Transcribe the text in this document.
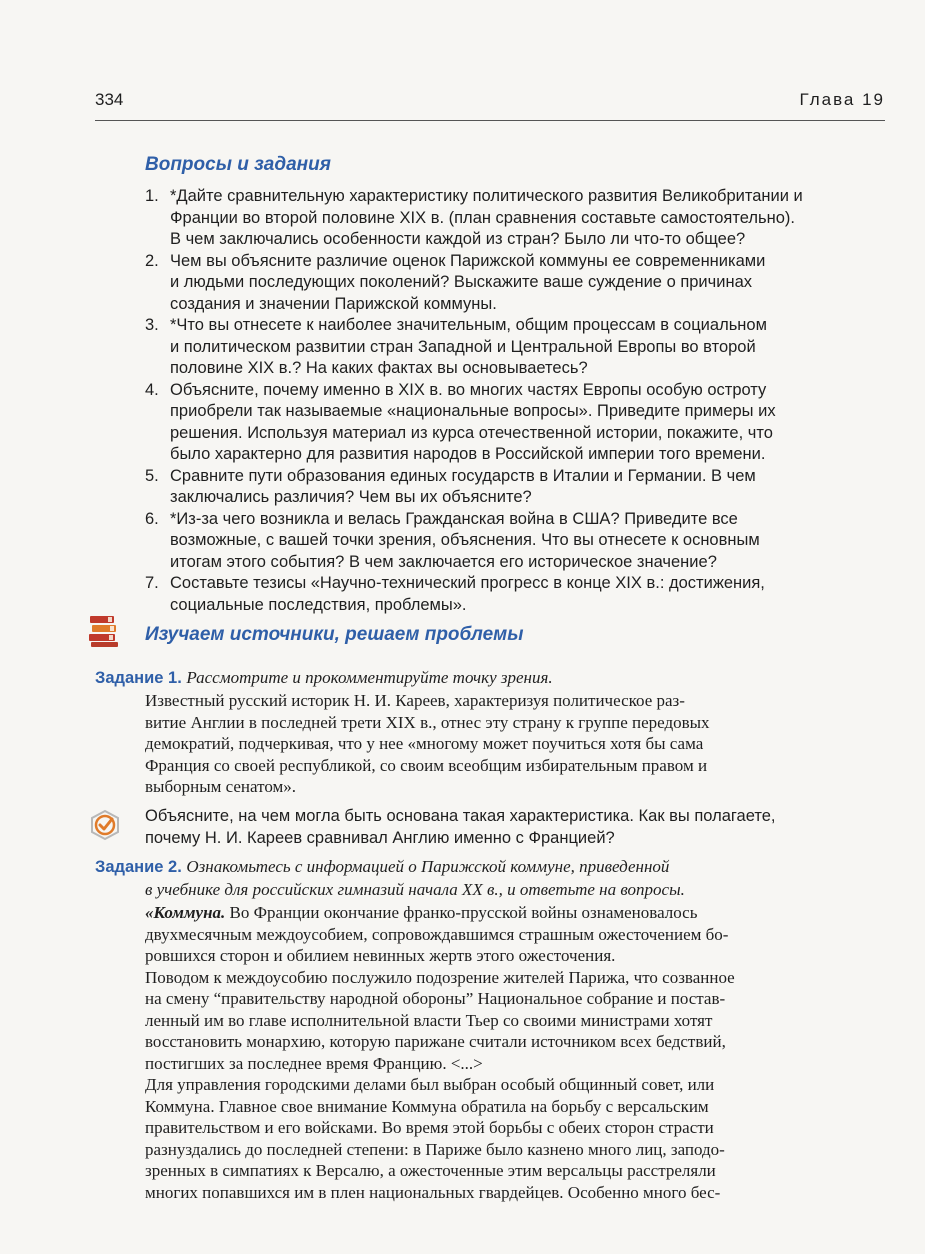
334	Глава 19
Вопросы и задания
1. *Дайте сравнительную характеристику политического развития Великобритании и
Франции во второй половине XIX в. (план сравнения составьте самостоятельно).
В чем заключались особенности каждой из стран? Было ли что-то общее?
2. Чем вы объясните различие оценок Парижской коммуны ее современниками
и людьми последующих поколений? Выскажите ваше суждение о причинах
создания и значении Парижской коммуны.
3. *Что вы отнесете к наиболее значительным, общим процессам в социальном
и политическом развитии стран Западной и Центральной Европы во второй
половине XIX в.? На каких фактах вы основываетесь?
4. Объясните, почему именно в XIX в. во многих частях Европы особую остроту
приобрели так называемые «национальные вопросы». Приведите примеры их
решения. Используя материал из курса отечественной истории, покажите, что
было характерно для развития народов в Российской империи того времени.
5. Сравните пути образования единых государств в Италии и Германии. В чем
заключались различия? Чем вы их объясните?
6. *Из-за чего возникла и велась Гражданская война в США? Приведите все
возможные, с вашей точки зрения, объяснения. Что вы отнесете к основным
итогам этого события? В чем заключается его историческое значение?
7. Составьте тезисы «Научно-технический прогресс в конце XIX в.: достижения,
социальные последствия, проблемы».
Изучаем источники, решаем проблемы
Задание 1. Рассмотрите и прокомментируйте точку зрения.
Известный русский историк Н. И. Кареев, характеризуя политическое раз-
витие Англии в последней трети XIX в., отнес эту страну к группе передовых
демократий, подчеркивая, что у нее «многому может поучиться хотя бы сама
Франция со своей республикой, со своим всеобщим избирательным правом и
выборным сенатом».
Объясните, на чем могла быть основана такая характеристика. Как вы полагаете,
почему Н. И. Кареев сравнивал Англию именно с Францией?
Задание 2. Ознакомьтесь с информацией о Парижской коммуне, приведенной
в учебнике для российских гимназий начала XX в., и ответьте на вопросы.
«Коммуна. Во Франции окончание франко-прусской войны ознаменовалось
двухмесячным междоусобием, сопровождавшимся страшным ожесточением бо-
ровшихся сторон и обилием невинных жертв этого ожесточения.
Поводом к междоусобию послужило подозрение жителей Парижа, что созванное
на смену “правительству народной обороны” Национальное собрание и постав-
ленный им во главе исполнительной власти Тьер со своими министрами хотят
восстановить монархию, которую парижане считали источником всех бедствий,
постигших за последнее время Францию. <...>
Для управления городскими делами был выбран особый общинный совет, или
Коммуна. Главное свое внимание Коммуна обратила на борьбу с версальским
правительством и его войсками. Во время этой борьбы с обеих сторон страсти
разнуздались до последней степени: в Париже было казнено много лиц, заподо-
зренных в симпатиях к Версалю, а ожесточенные этим версальцы расстреляли
многих попавшихся им в плен национальных гвардейцев. Особенно много бес-
